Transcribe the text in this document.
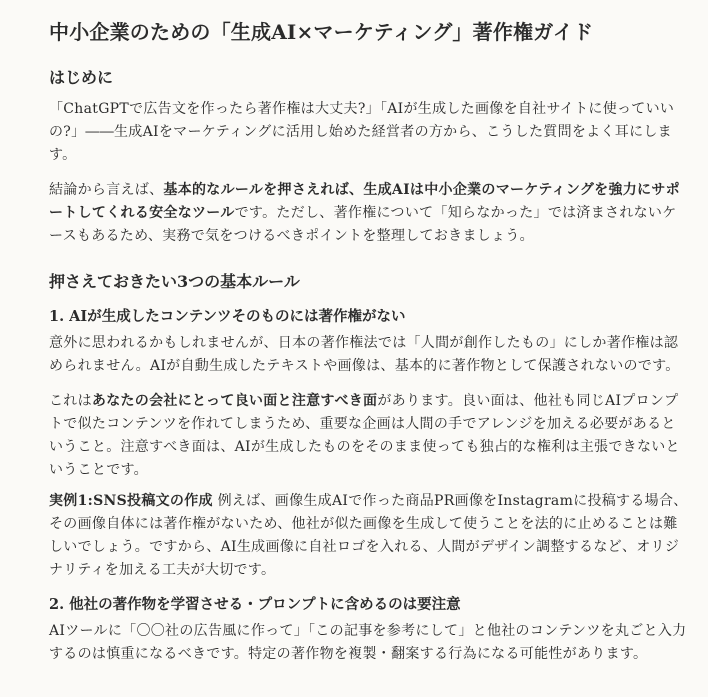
中小企業のための「生成AI×マーケティング」著作権ガイド
はじめに

「ChatGPTで広告文を作ったら著作権は大丈夫?」「AIが生成した画像を自社サイトに使っていいの?」――生成AIをマーケティングに活用し始めた経営者の方から、こうした質問をよく耳にします。

結論から言えば、基本的なルールを押さえれば、生成AIは中小企業のマーケティングを強力にサポートしてくれる安全なツールです。ただし、著作権について「知らなかった」では済まされないケースもあるため、実務で気をつけるべきポイントを整理しておきましょう。

押さえておきたい3つの基本ルール
1. AIが生成したコンテンツそのものには著作権がない

意外に思われるかもしれませんが、日本の著作権法では「人間が創作したもの」にしか著作権は認められません。AIが自動生成したテキストや画像は、基本的に著作物として保護されないのです。

これはあなたの会社にとって良い面と注意すべき面があります。良い面は、他社も同じAIプロンプトで似たコンテンツを作れてしまうため、重要な企画は人間の手でアレンジを加える必要があるということ。注意すべき面は、AIが生成したものをそのまま使っても独占的な権利は主張できないということです。

実例1:SNS投稿文の作成 例えば、画像生成AIで作った商品PR画像をInstagramに投稿する場合、その画像自体には著作権がないため、他社が似た画像を生成して使うことを法的に止めることは難しいでしょう。ですから、AI生成画像に自社ロゴを入れる、人間がデザイン調整するなど、オリジナリティを加える工夫が大切です。

2. 他社の著作物を学習させる・プロンプトに含めるのは要注意

AIツールに「〇〇社の広告風に作って」「この記事を参考にして」と他社のコンテンツを丸ごと入力するのは慎重になるべきです。特定の著作物を複製・翻案する行為になる可能性があります。
